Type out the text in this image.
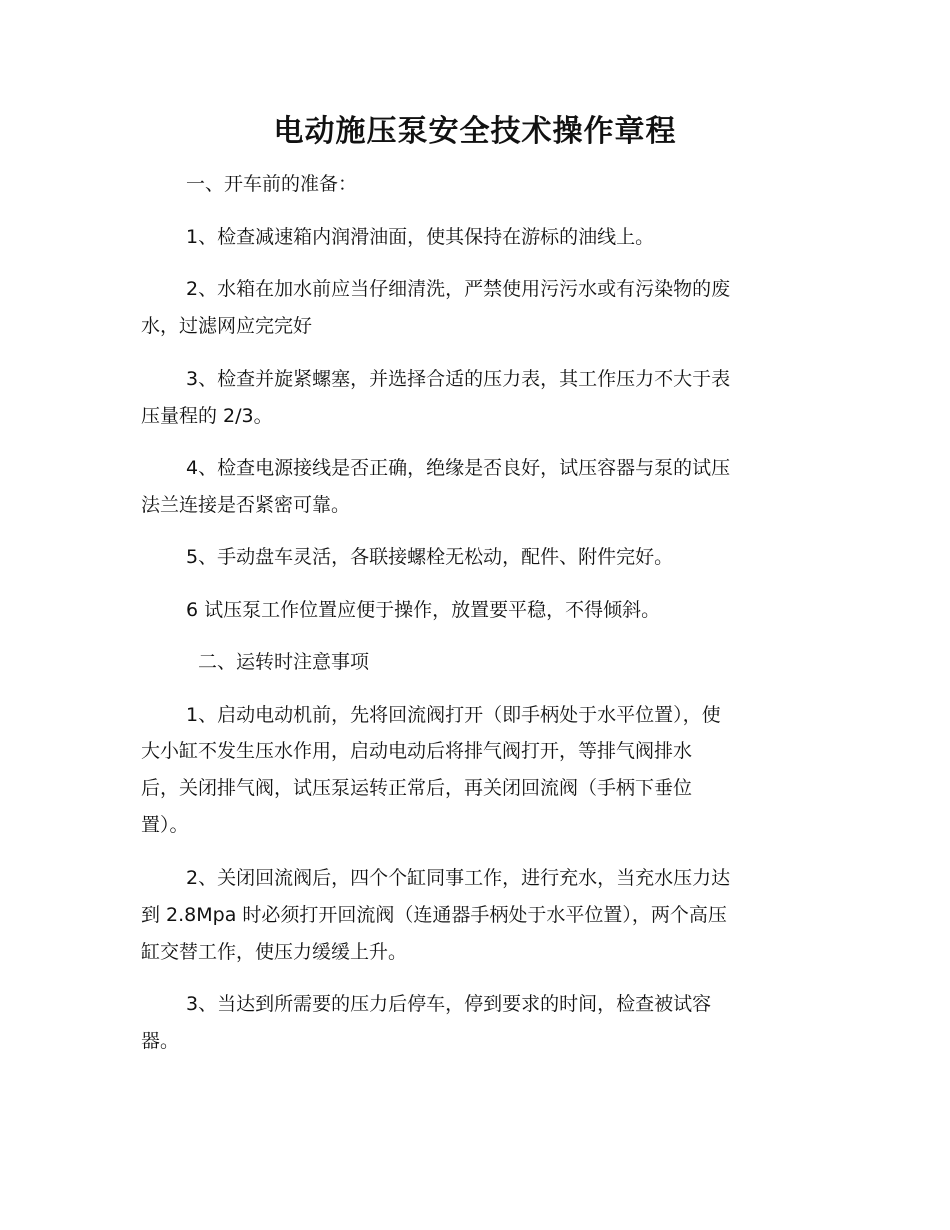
电动施压泵安全技术操作章程
一、开车前的准备：
1、检查减速箱内润滑油面，使其保持在游标的油线上。
2、水箱在加水前应当仔细清洗，严禁使用污污水或有污染物的废
水，过滤网应完完好
3、检查并旋紧螺塞，并选择合适的压力表，其工作压力不大于表
压量程的 2/3。
4、检查电源接线是否正确，绝缘是否良好，试压容器与泵的试压
法兰连接是否紧密可靠。
5、手动盘车灵活，各联接螺栓无松动，配件、附件完好。
6 试压泵工作位置应便于操作，放置要平稳，不得倾斜。
二、运转时注意事项
1、启动电动机前，先将回流阀打开（即手柄处于水平位置），使
大小缸不发生压水作用，启动电动后将排气阀打开，等排气阀排水
后，关闭排气阀，试压泵运转正常后，再关闭回流阀（手柄下垂位
置）。
2、关闭回流阀后，四个个缸同事工作，进行充水，当充水压力达
到 2.8Mpa 时必须打开回流阀（连通器手柄处于水平位置），两个高压
缸交替工作，使压力缓缓上升。
3、当达到所需要的压力后停车，停到要求的时间，检查被试容
器。
